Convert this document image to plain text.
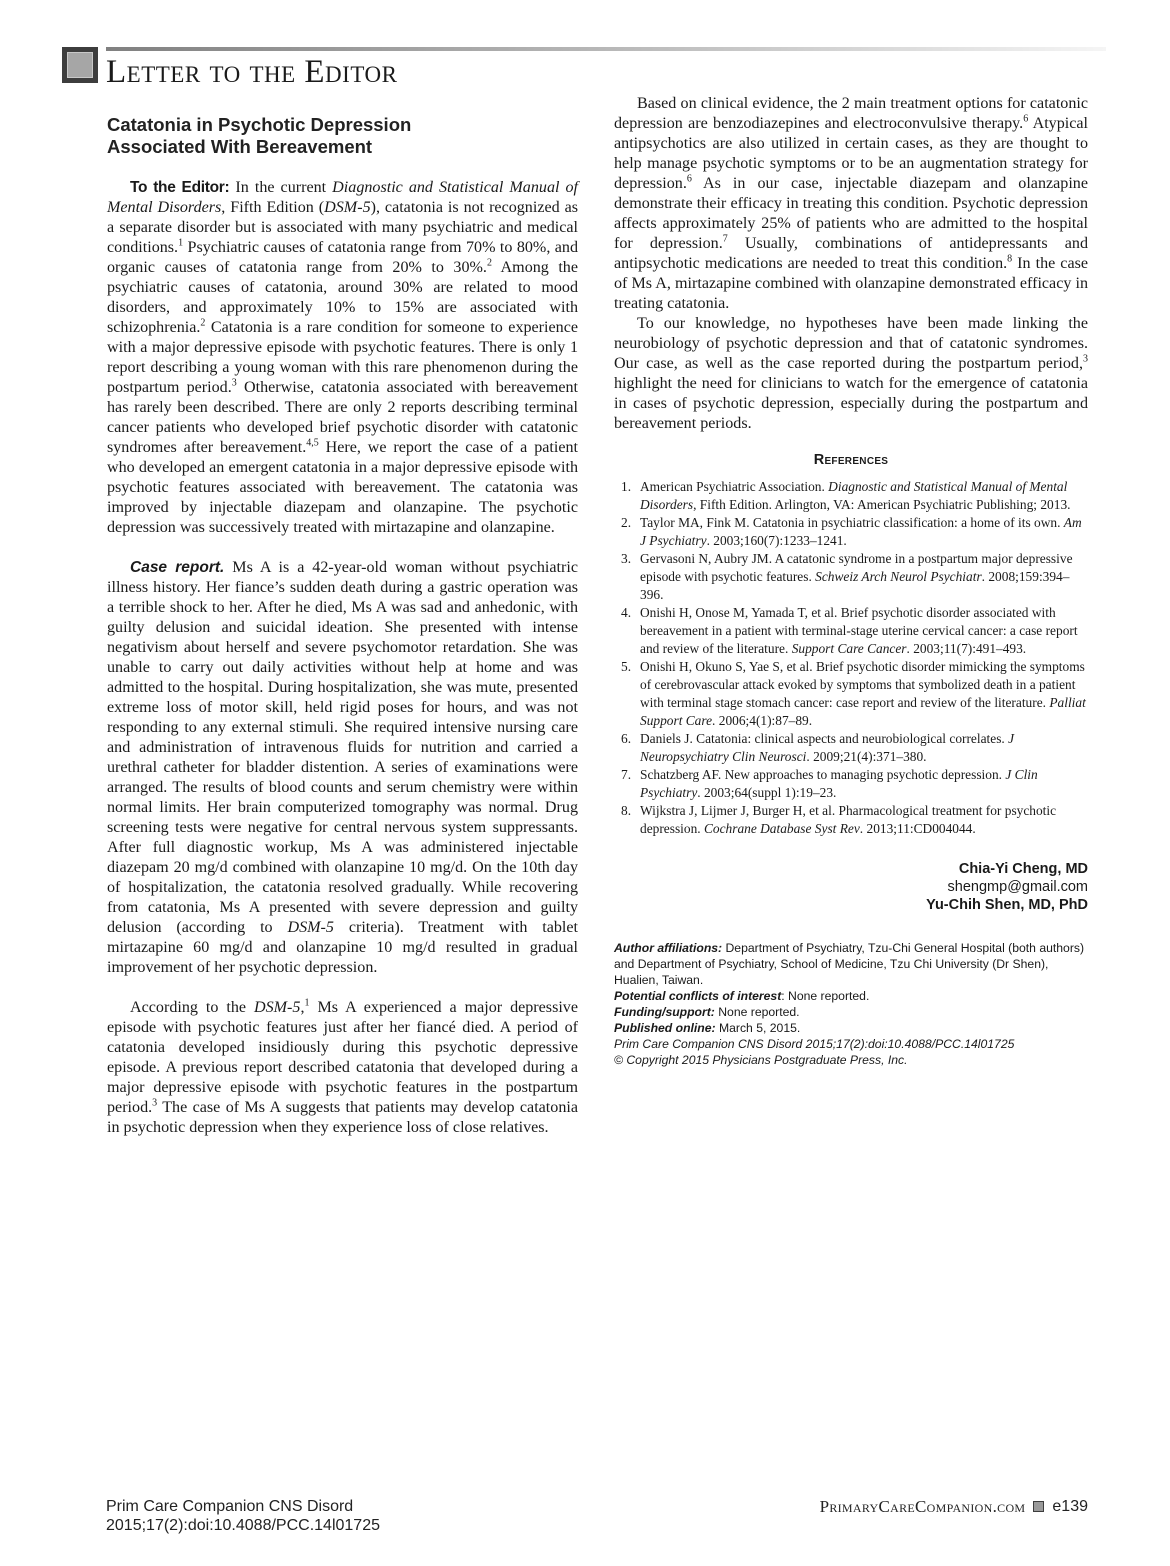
Letter to the Editor
Catatonia in Psychotic Depression
Associated With Bereavement

To the Editor: In the current Diagnostic and Statistical Manual of Mental Disorders, Fifth Edition (DSM-5), catatonia is not recognized as a separate disorder but is associated with many psychiatric and medical conditions.$^1$ Psychiatric causes of catatonia range from 70% to 80%, and organic causes of catatonia range from 20% to 30%.$^2$ Among the psychiatric causes of catatonia, around 30% are related to mood disorders, and approximately 10% to 15% are associated with schizophrenia.$^2$ Catatonia is a rare condition for someone to experience with a major depressive episode with psychotic features. There is only 1 report describing a young woman with this rare phenomenon during the postpartum period.$^3$ Otherwise, catatonia associated with bereavement has rarely been described. There are only 2 reports describing terminal cancer patients who developed brief psychotic disorder with catatonic syndromes after bereavement.$^{4,5}$ Here, we report the case of a patient who developed an emergent catatonia in a major depressive episode with psychotic features associated with bereavement. The catatonia was improved by injectable diazepam and olanzapine. The psychotic depression was successively treated with mirtazapine and olanzapine.

Case report. Ms A is a 42-year-old woman without psychiatric illness history. Her fiance’s sudden death during a gastric operation was a terrible shock to her. After he died, Ms A was sad and anhedonic, with guilty delusion and suicidal ideation. She presented with intense negativism about herself and severe psychomotor retardation. She was unable to carry out daily activities without help at home and was admitted to the hospital. During hospitalization, she was mute, presented extreme loss of motor skill, held rigid poses for hours, and was not responding to any external stimuli. She required intensive nursing care and administration of intravenous fluids for nutrition and carried a urethral catheter for bladder distention. A series of examinations were arranged. The results of blood counts and serum chemistry were within normal limits. Her brain computerized tomography was normal. Drug screening tests were negative for central nervous system suppressants. After full diagnostic workup, Ms A was administered injectable diazepam 20 mg/d combined with olanzapine 10 mg/d. On the 10th day of hospitalization, the catatonia resolved gradually. While recovering from catatonia, Ms A presented with severe depression and guilty delusion (according to DSM-5 criteria). Treatment with tablet mirtazapine 60 mg/d and olanzapine 10 mg/d resulted in gradual improvement of her psychotic depression.

According to the DSM-5,$^1$ Ms A experienced a major depressive episode with psychotic features just after her fiancé died. A period of catatonia developed insidiously during this psychotic depressive episode. A previous report described catatonia that developed during a major depressive episode with psychotic features in the postpartum period.$^3$ The case of Ms A suggests that patients may develop catatonia in psychotic depression when they experience loss of close relatives.

Based on clinical evidence, the 2 main treatment options for catatonic depression are benzodiazepines and electroconvulsive therapy.$^6$ Atypical antipsychotics are also utilized in certain cases, as they are thought to help manage psychotic symptoms or to be an augmentation strategy for depression.$^6$ As in our case, injectable diazepam and olanzapine demonstrate their efficacy in treating this condition. Psychotic depression affects approximately 25% of patients who are admitted to the hospital for depression.$^7$ Usually, combinations of antidepressants and antipsychotic medications are needed to treat this condition.$^8$ In the case of Ms A, mirtazapine combined with olanzapine demonstrated efficacy in treating catatonia.

To our knowledge, no hypotheses have been made linking the neurobiology of psychotic depression and that of catatonic syndromes. Our case, as well as the case reported during the postpartum period,$^3$ highlight the need for clinicians to watch for the emergence of catatonia in cases of psychotic depression, especially during the postpartum and bereavement periods.

References
1. American Psychiatric Association. Diagnostic and Statistical Manual of Mental Disorders, Fifth Edition. Arlington, VA: American Psychiatric Publishing; 2013.
2. Taylor MA, Fink M. Catatonia in psychiatric classification: a home of its own. Am J Psychiatry. 2003;160(7):1233–1241.
3. Gervasoni N, Aubry JM. A catatonic syndrome in a postpartum major depressive episode with psychotic features. Schweiz Arch Neurol Psychiatr. 2008;159:394–396.
4. Onishi H, Onose M, Yamada T, et al. Brief psychotic disorder associated with bereavement in a patient with terminal-stage uterine cervical cancer: a case report and review of the literature. Support Care Cancer. 2003;11(7):491–493.
5. Onishi H, Okuno S, Yae S, et al. Brief psychotic disorder mimicking the symptoms of cerebrovascular attack evoked by symptoms that symbolized death in a patient with terminal stage stomach cancer: case report and review of the literature. Palliat Support Care. 2006;4(1):87–89.
6. Daniels J. Catatonia: clinical aspects and neurobiological correlates. J Neuropsychiatry Clin Neurosci. 2009;21(4):371–380.
7. Schatzberg AF. New approaches to managing psychotic depression. J Clin Psychiatry. 2003;64(suppl 1):19–23.
8. Wijkstra J, Lijmer J, Burger H, et al. Pharmacological treatment for psychotic depression. Cochrane Database Syst Rev. 2013;11:CD004044.
Chia-Yi Cheng, MD
shengmp@gmail.com
Yu-Chih Shen, MD, PhD
Author affiliations: Department of Psychiatry, Tzu-Chi General Hospital (both authors) and Department of Psychiatry, School of Medicine, Tzu Chi University (Dr Shen), Hualien, Taiwan.
Potential conflicts of interest: None reported.
Funding/support: None reported.
Published online: March 5, 2015.
Prim Care Companion CNS Disord 2015;17(2):doi:10.4088/PCC.14l01725
© Copyright 2015 Physicians Postgraduate Press, Inc.
Prim Care Companion CNS Disord
2015;17(2):doi:10.4088/PCC.14l01725
PrimaryCareCompanion.com e139
